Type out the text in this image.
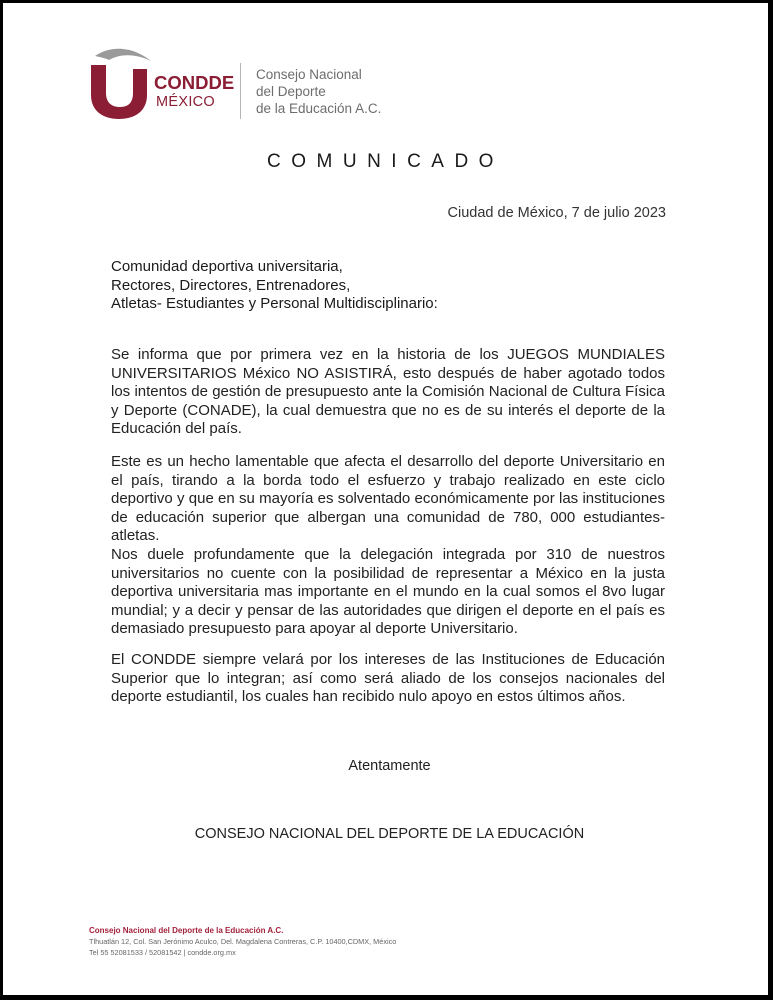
CONDDE
MÉXICO
Consejo Nacional
del Deporte
de la Educación A.C.
COMUNICADO
Ciudad de México, 7 de julio 2023
Comunidad deportiva universitaria,
Rectores, Directores, Entrenadores,
Atletas- Estudiantes y Personal Multidisciplinario:
Se informa que por primera vez en la historia de los JUEGOS MUNDIALES UNIVERSITARIOS México NO ASISTIRÁ, esto después de haber agotado todos los intentos de gestión de presupuesto ante la Comisión Nacional de Cultura Física y Deporte (CONADE), la cual demuestra que no es de su interés el deporte de la Educación del país.
Este es un hecho lamentable que afecta el desarrollo del deporte Universitario en el país, tirando a la borda todo el esfuerzo y trabajo realizado en este ciclo deportivo y que en su mayoría es solventado económicamente por las instituciones de educación superior que albergan una comunidad de 780, 000 estudiantes-atletas.
Nos duele profundamente que la delegación integrada por 310 de nuestros universitarios no cuente con la posibilidad de representar a México en la justa deportiva universitaria mas importante en el mundo en la cual somos el 8vo lugar mundial; y a decir y pensar de las autoridades que dirigen el deporte en el país es demasiado presupuesto para apoyar al deporte Universitario.
El CONDDE siempre velará por los intereses de las Instituciones de Educación Superior que lo integran; así como será aliado de los consejos nacionales del deporte estudiantil, los cuales han recibido nulo apoyo en estos últimos años.
Atentamente
CONSEJO NACIONAL DEL DEPORTE DE LA EDUCACIÓN
Consejo Nacional del Deporte de la Educación A.C.
Tlhuatlán 12, Col. San Jerónimo Aculco, Del. Magdalena Contreras, C.P. 10400,CDMX, México
Tel 55 52081533 / 52081542 | condde.org.mx
